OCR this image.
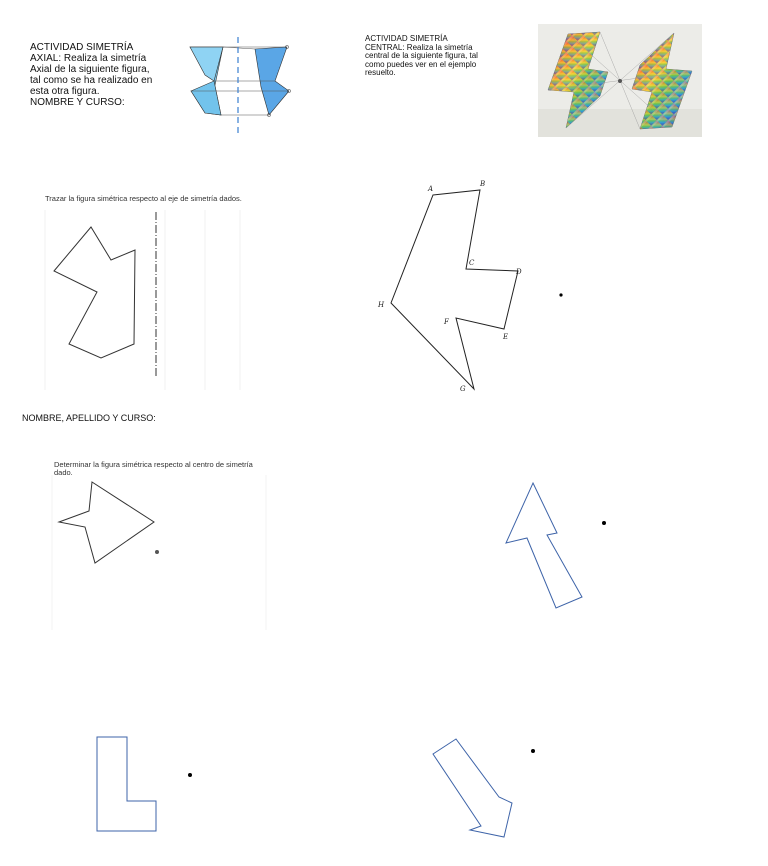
ACTIVIDAD SIMETRÍA
AXIAL: Realiza la simetría
Axial de la siguiente figura,
tal como se ha realizado en
esta otra figura.
NOMBRE Y CURSO:
ACTIVIDAD SIMETRÍA
CENTRAL: Realiza la simetría
central de la siguiente figura, tal
como puedes ver en el ejemplo
resuelto.
Trazar la figura simétrica respecto al eje de simetría dados.
A
B
C
D
E
F
G
H
NOMBRE, APELLIDO Y CURSO:
Determinar la figura simétrica respecto al centro de simetría
dado.
